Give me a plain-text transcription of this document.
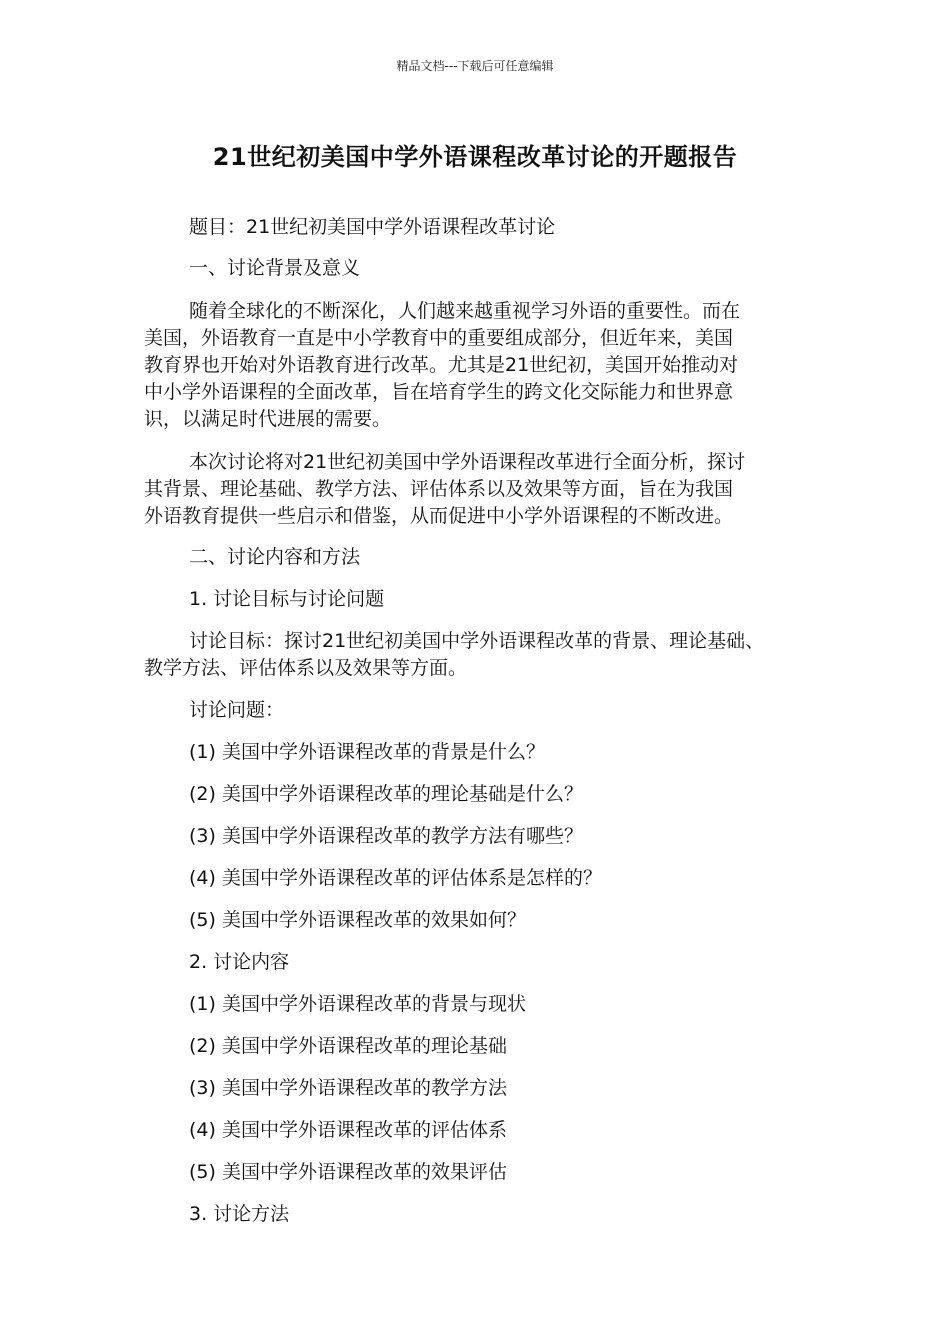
精品文档---下载后可任意编辑
21世纪初美国中学外语课程改革讨论的开题报告

题目：21世纪初美国中学外语课程改革讨论

一、讨论背景及意义

随着全球化的不断深化，人们越来越重视学习外语的重要性。而在
美国，外语教育一直是中小学教育中的重要组成部分，但近年来，美国
教育界也开始对外语教育进行改革。尤其是21世纪初，美国开始推动对
中小学外语课程的全面改革，旨在培育学生的跨文化交际能力和世界意
识，以满足时代进展的需要。
本次讨论将对21世纪初美国中学外语课程改革进行全面分析，探讨
其背景、理论基础、教学方法、评估体系以及效果等方面，旨在为我国
外语教育提供一些启示和借鉴，从而促进中小学外语课程的不断改进。

二、讨论内容和方法

1. 讨论目标与讨论问题

讨论目标：探讨21世纪初美国中学外语课程改革的背景、理论基础、
教学方法、评估体系以及效果等方面。

讨论问题：

(1) 美国中学外语课程改革的背景是什么？

(2) 美国中学外语课程改革的理论基础是什么？

(3) 美国中学外语课程改革的教学方法有哪些？

(4) 美国中学外语课程改革的评估体系是怎样的？

(5) 美国中学外语课程改革的效果如何？

2. 讨论内容

(1) 美国中学外语课程改革的背景与现状

(2) 美国中学外语课程改革的理论基础

(3) 美国中学外语课程改革的教学方法

(4) 美国中学外语课程改革的评估体系

(5) 美国中学外语课程改革的效果评估

3. 讨论方法
